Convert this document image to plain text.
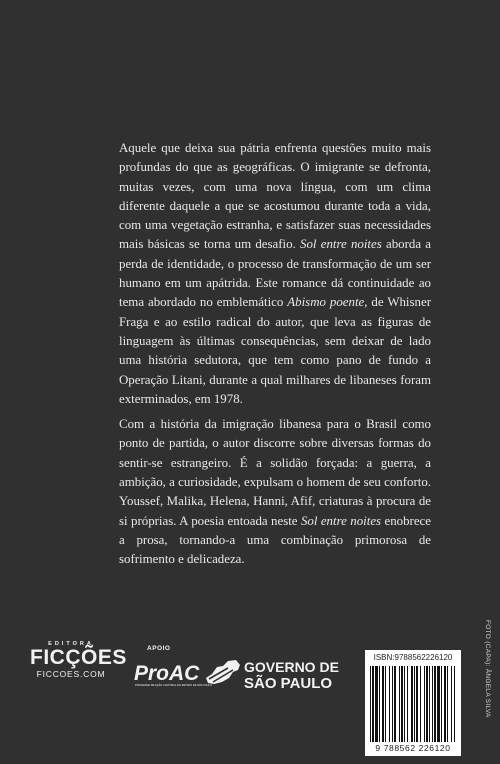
Aquele que deixa sua pátria enfrenta questões muito mais profundas do que as geográficas. O imigrante se defronta, muitas vezes, com uma nova língua, com um clima diferente daquele a que se acostumou durante toda a vida, com uma vegetação estranha, e satisfazer suas necessidades mais básicas se torna um desafio. Sol entre noites aborda a perda de identidade, o processo de transformação de um ser humano em um apátrida. Este romance dá continuidade ao tema abordado no emblemático Abismo poente, de Whisner Fraga e ao estilo radical do autor, que leva as figuras de linguagem às últimas consequências, sem deixar de lado uma história sedutora, que tem como pano de fundo a Operação Litani, durante a qual milhares de libaneses foram exterminados, em 1978.

Com a história da imigração libanesa para o Brasil como ponto de partida, o autor discorre sobre diversas formas do sentir-se estrangeiro. É a solidão forçada: a guerra, a ambição, a curiosidade, expulsam o homem de seu conforto. Youssef, Malika, Helena, Hanni, Afif, criaturas à procura de si próprias. A poesia entoada neste Sol entre noites enobrece a prosa, tornando-a uma combinação primorosa de sofrimento e delicadeza.

EDITORA
FICÇÕES
FICCOES.COM
APOIO
ProAC
PROGRAMA DE AÇÃO CULTURAL DO ESTADO DE SÃO PAULO
GOVERNO DE
SÃO PAULO
ISBN:9788562226120
9 788562 226120
FOTO (CAPA): ÂNGELA SILVA
